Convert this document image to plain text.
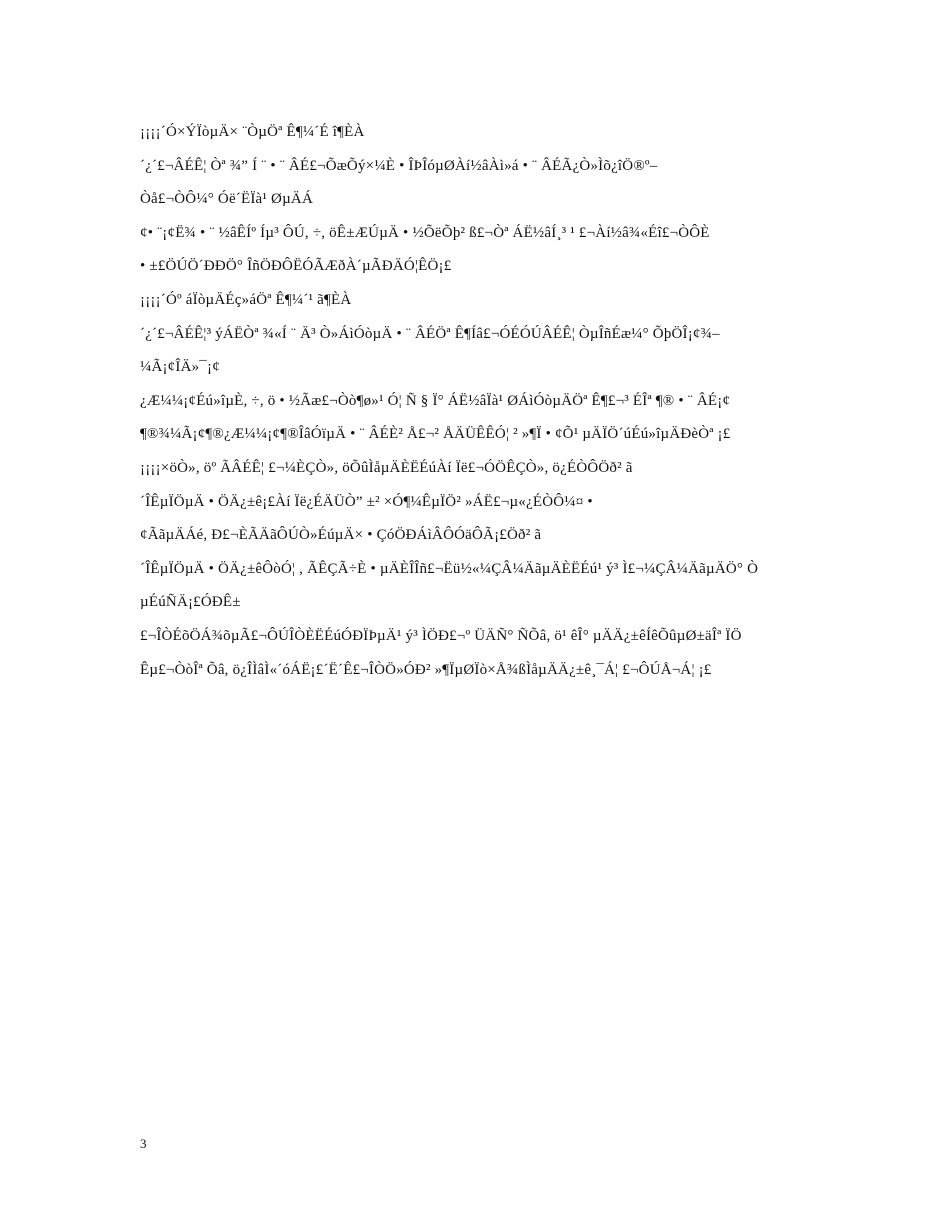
¡¡¡¡´Ó×ÝÏòµÄ× ¨ÒµÖª Ê¶¼´É î¶ÈÀ
´¿´£¬ÂÉÊ¦ Òª ¾” Í ¨ • ¨ ÂÉ£¬ÕæÕý×¼È • ÎÞÎóµØÀí½âÀì»á • ¨ ÂÉÃ¿Ò»Ìõ¿îÖ®º–
Òå£¬ÒÔ¼° Óë´ËÏà¹ ØµÄÁ
¢• ¨¡¢Ë¾ • ¨ ½âÊÍº Íµ³ ÔÚ, ÷, öÊ±ÆÚµÄ • ½ÕëÕþ² ß£¬Òª ÁË½âÍ¸³ ¹ £¬Àí½â¾«Éî£¬ÒÔÈ
• ±£ÖÚÖ´ÐÐÖ° ÎñÖÐÔËÓÃÆðÀ´µÃÐÄÓ¦ÊÖ¡£
¡¡¡¡´Óº áÏòµÄÉç»áÖª Ê¶¼´¹ ã¶ÈÀ
´¿´£¬ÂÉÊ¦³ ýÁËÒª ¾«Í ¨ Ä³ Ò»ÁìÓòµÄ • ¨ ÂÉÖª Ê¶Íâ£¬ÓÉÓÚÂÉÊ¦ ÒµÎñÉæ¼° ÕþÖÎ¡¢¾–
¼Ã¡¢ÎÄ»¯¡¢
¿Æ¼¼¡¢Éú»îµÈ, ÷, ö • ½Ãæ£¬Òò¶ø»¹ Ó¦ Ñ § Ï° ÁË½âÏà¹ ØÁìÓòµÄÖª Ê¶£¬³ ÉÎª ¶® • ¨ ÂÉ¡¢
¶®¾¼Ã¡¢¶®¿Æ¼¼¡¢¶®ÎâÓïµÄ • ¨ ÂÉÈ² Å£¬² ÅÄÜÊÊÓ¦ ² »¶Ï • ¢Õ¹ µÄÏÖ´úÉú»îµÄÐèÒª ¡£
¡¡¡¡×öÒ», öº ÃÂÉÊ¦ £¬¼ÈÇÒ», öÕûÌåµÄÈËÉúÀí Ïë£¬ÓÖÊÇÒ», ö¿ÉÒÔÖð² ã
´ÎÊµÏÖµÄ • ÖÄ¿±ê¡£Àí Ïë¿ÉÄÜÒ” ±² ×Ó¶¼ÊµÏÖ² »ÁË£¬µ«¿ÉÒÔ¼¤ •
¢ÃãµÄÁé, Ð£¬ÈÃÄãÔÚÒ»ÉúµÄ× • ÇóÖÐÁìÂÔÓäÔÃ¡£Öð² ã
´ÎÊµÏÖµÄ • ÖÄ¿±êÔòÓ¦ , ÃÊÇÃ÷È • µÄÈÎÎñ£¬Ëü½«¼ÇÂ¼ÄãµÄÈËÉú¹ ý³ Ì£¬¼ÇÂ¼ÄãµÄÖ° Ò
µÉúÑÄ¡£ÓÐÊ±
£¬ÎÒÉõÖÁ¾õµÃ£¬ÔÚÎÒÈËÉúÓÐÏÞµÄ¹ ý³ ÌÖÐ£¬º ÜÄÑ° ÑÕâ, ö¹ êÎ° µÄÄ¿±êÍêÕûµØ±äÎª ÏÖ
Êµ£¬ÒòÎª Õâ, ö¿ÎÌâÌ«´óÁË¡£´Ë´Ê£¬ÎÒÖ»ÓÐ² »¶ÏµØÏò×Å¾ßÌåµÄÄ¿±ê¸¯Á¦ £¬ÔÚÅ¬Á¦ ¡£
3
